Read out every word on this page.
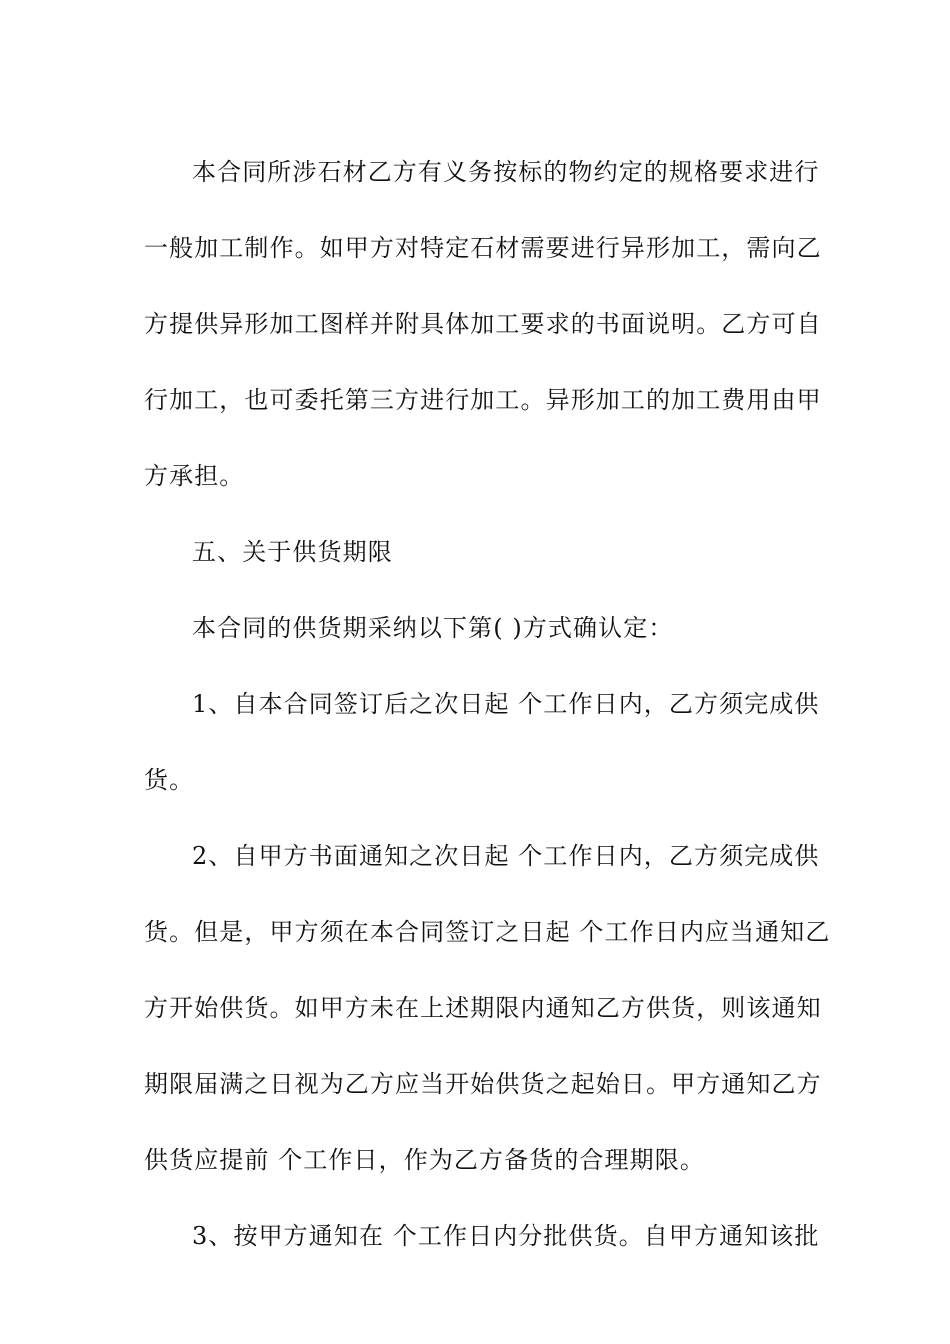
本合同所涉石材乙方有义务按标的物约定的规格要求进行
一般加工制作。如甲方对特定石材需要进行异形加工，需向乙
方提供异形加工图样并附具体加工要求的书面说明。乙方可自
行加工，也可委托第三方进行加工。异形加工的加工费用由甲
方承担。
五、关于供货期限
本合同的供货期采纳以下第( )方式确认定：
1、自本合同签订后之次日起 个工作日内，乙方须完成供
货。
2、自甲方书面通知之次日起 个工作日内，乙方须完成供
货。但是，甲方须在本合同签订之日起 个工作日内应当通知乙
方开始供货。如甲方未在上述期限内通知乙方供货，则该通知
期限届满之日视为乙方应当开始供货之起始日。甲方通知乙方
供货应提前 个工作日，作为乙方备货的合理期限。
3、按甲方通知在 个工作日内分批供货。自甲方通知该批
